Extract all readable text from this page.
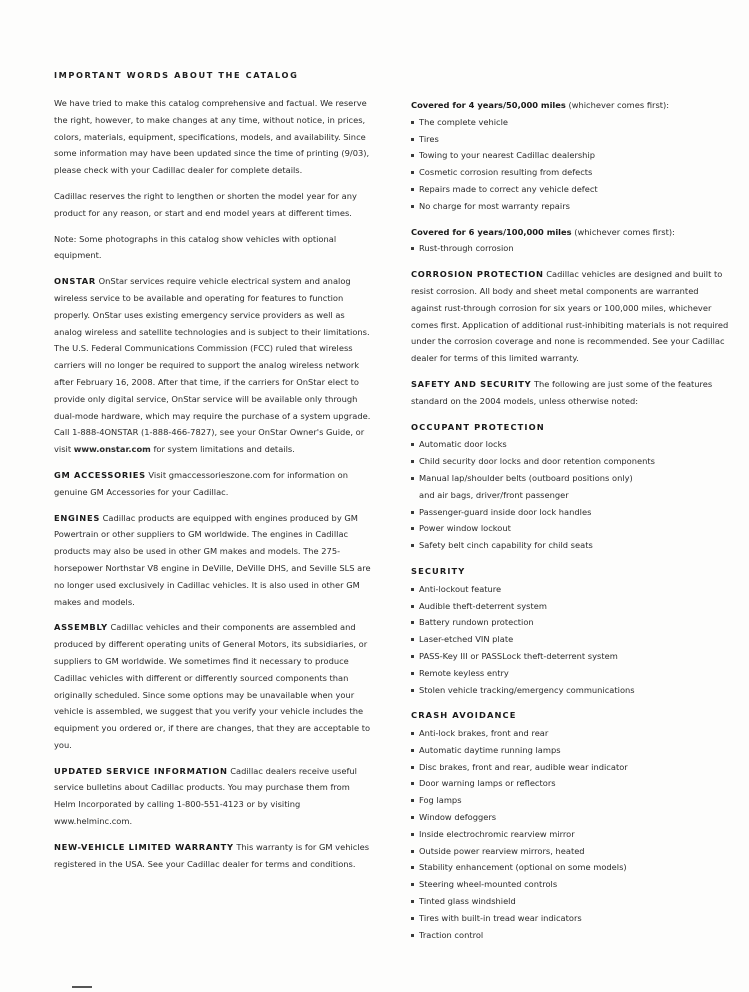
IMPORTANT WORDS ABOUT THE CATALOG

We have tried to make this catalog comprehensive and factual. We reserve the right, however, to make changes at any time, without notice, in prices, colors, materials, equipment, specifications, models, and availability. Since some information may have been updated since the time of printing (9/03), please check with your Cadillac dealer for complete details.

Cadillac reserves the right to lengthen or shorten the model year for any product for any reason, or start and end model years at different times.

Note: Some photographs in this catalog show vehicles with optional equipment.

ONSTAR OnStar services require vehicle electrical system and analog wireless service to be available and operating for features to function properly. OnStar uses existing emergency service providers as well as analog wireless and satellite technologies and is subject to their limitations. The U.S. Federal Communications Commission (FCC) ruled that wireless carriers will no longer be required to support the analog wireless network after February 16, 2008. After that time, if the carriers for OnStar elect to provide only digital service, OnStar service will be available only through dual-mode hardware, which may require the purchase of a system upgrade. Call 1-888-4ONSTAR (1-888-466-7827), see your OnStar Owner's Guide, or visit www.onstar.com for system limitations and details.

GM ACCESSORIES Visit gmaccessorieszone.com for information on genuine GM Accessories for your Cadillac.

ENGINES Cadillac products are equipped with engines produced by GM Powertrain or other suppliers to GM worldwide. The engines in Cadillac products may also be used in other GM makes and models. The 275-horsepower Northstar V8 engine in DeVille, DeVille DHS, and Seville SLS are no longer used exclusively in Cadillac vehicles. It is also used in other GM makes and models.

ASSEMBLY Cadillac vehicles and their components are assembled and produced by different operating units of General Motors, its subsidiaries, or suppliers to GM worldwide. We sometimes find it necessary to produce Cadillac vehicles with different or differently sourced components than originally scheduled. Since some options may be unavailable when your vehicle is assembled, we suggest that you verify your vehicle includes the equipment you ordered or, if there are changes, that they are acceptable to you.

UPDATED SERVICE INFORMATION Cadillac dealers receive useful service bulletins about Cadillac products. You may purchase them from Helm Incorporated by calling 1-800-551-4123 or by visiting www.helminc.com.

NEW-VEHICLE LIMITED WARRANTY This warranty is for GM vehicles registered in the USA. See your Cadillac dealer for terms and conditions.

Covered for 4 years/50,000 miles (whichever comes first):
The complete vehicle
Tires
Towing to your nearest Cadillac dealership
Cosmetic corrosion resulting from defects
Repairs made to correct any vehicle defect
No charge for most warranty repairs
Covered for 6 years/100,000 miles (whichever comes first):
Rust-through corrosion

CORROSION PROTECTION Cadillac vehicles are designed and built to resist corrosion. All body and sheet metal components are warranted against rust-through corrosion for six years or 100,000 miles, whichever comes first. Application of additional rust-inhibiting materials is not required under the corrosion coverage and none is recommended. See your Cadillac dealer for terms of this limited warranty.

SAFETY AND SECURITY The following are just some of the features standard on the 2004 models, unless otherwise noted:

OCCUPANT PROTECTION
Automatic door locks
Child security door locks and door retention components
Manual lap/shoulder belts (outboard positions only)
and air bags, driver/front passenger
Passenger-guard inside door lock handles
Power window lockout
Safety belt cinch capability for child seats
SECURITY
Anti-lockout feature
Audible theft-deterrent system
Battery rundown protection
Laser-etched VIN plate
PASS-Key III or PASSLock theft-deterrent system
Remote keyless entry
Stolen vehicle tracking/emergency communications
CRASH AVOIDANCE
Anti-lock brakes, front and rear
Automatic daytime running lamps
Disc brakes, front and rear, audible wear indicator
Door warning lamps or reflectors
Fog lamps
Window defoggers
Inside electrochromic rearview mirror
Outside power rearview mirrors, heated
Stability enhancement (optional on some models)
Steering wheel-mounted controls
Tinted glass windshield
Tires with built-in tread wear indicators
Traction control
